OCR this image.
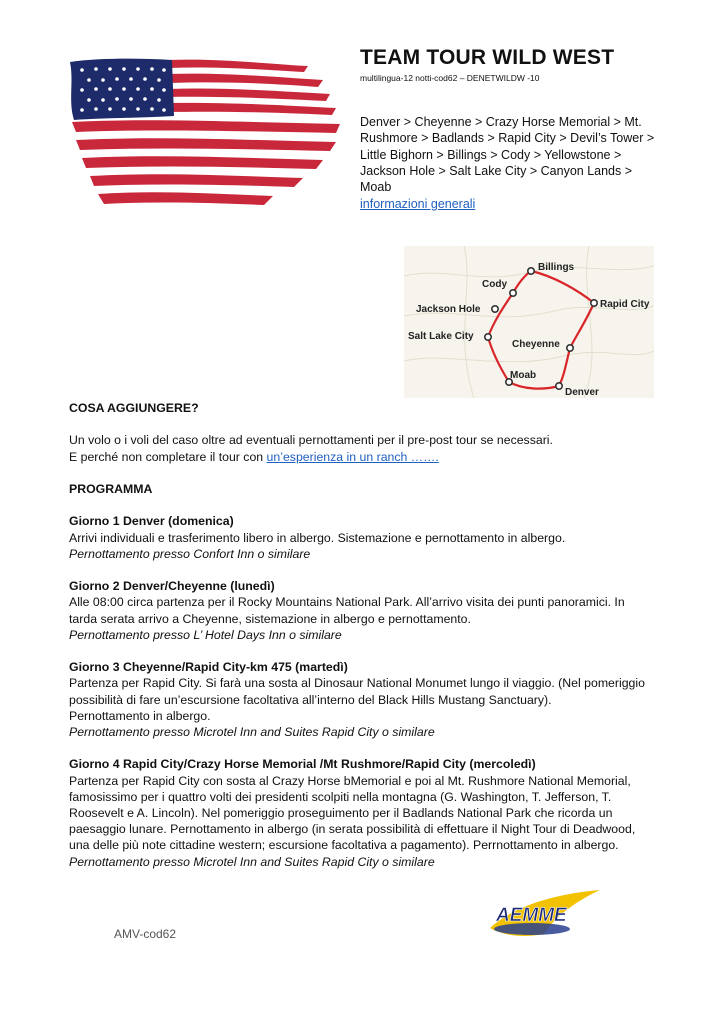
TEAM TOUR WILD WEST
multilingua-12 notti-cod62 – DENETWILDW -10
Denver > Cheyenne > Crazy Horse Memorial > Mt. Rushmore > Badlands > Rapid City > Devil’s Tower > Little Bighorn > Billings > Cody > Yellowstone > Jackson Hole > Salt Lake City > Canyon Lands > Moab
informazioni generali
Billings
Cody
Jackson Hole	Rapid City
Salt Lake City
Cheyenne
Moab
Denver
COSA AGGIUNGERE?
Un volo o i voli del caso oltre ad eventuali pernottamenti per il pre-post tour se necessari.
E perché non completare il tour con un’esperienza in un ranch …….
PROGRAMMA
Giorno 1 Denver (domenica)
Arrivi individuali e trasferimento libero in albergo. Sistemazione e pernottamento in albergo.
Pernottamento presso Confort Inn o similare
Giorno 2 Denver/Cheyenne (lunedì)
Alle 08:00 circa partenza per il Rocky Mountains National Park. All’arrivo visita dei punti panoramici. In
tarda serata arrivo a Cheyenne, sistemazione in albergo e pernottamento.
Pernottamento presso L’ Hotel Days Inn o similare
Giorno 3 Cheyenne/Rapid City-km 475 (martedì)
Partenza per Rapid City. Si farà una sosta al Dinosaur National Monumet lungo il viaggio. (Nel pomeriggio
possibilità di fare un’escursione facoltativa all’interno del Black Hills Mustang Sanctuary).
Pernottamento in albergo.
Pernottamento presso Microtel Inn and Suites Rapid City o similare
Giorno 4 Rapid City/Crazy Horse Memorial /Mt Rushmore/Rapid City (mercoledì)
Partenza per Rapid City con sosta al Crazy Horse bMemorial e poi al Mt. Rushmore National Memorial,
famosissimo per i quattro volti dei presidenti scolpiti nella montagna (G. Washington, T. Jefferson, T.
Roosevelt e A. Lincoln). Nel pomeriggio proseguimento per il Badlands National Park che ricorda un
paesaggio lunare. Pernottamento in albergo (in serata possibilità di effettuare il Night Tour di Deadwood,
una delle più note cittadine western; escursione facoltativa a pagamento). Perrnottamento in albergo.
Pernottamento presso Microtel Inn and Suites Rapid City o similare
AMV-cod62
AEMME
